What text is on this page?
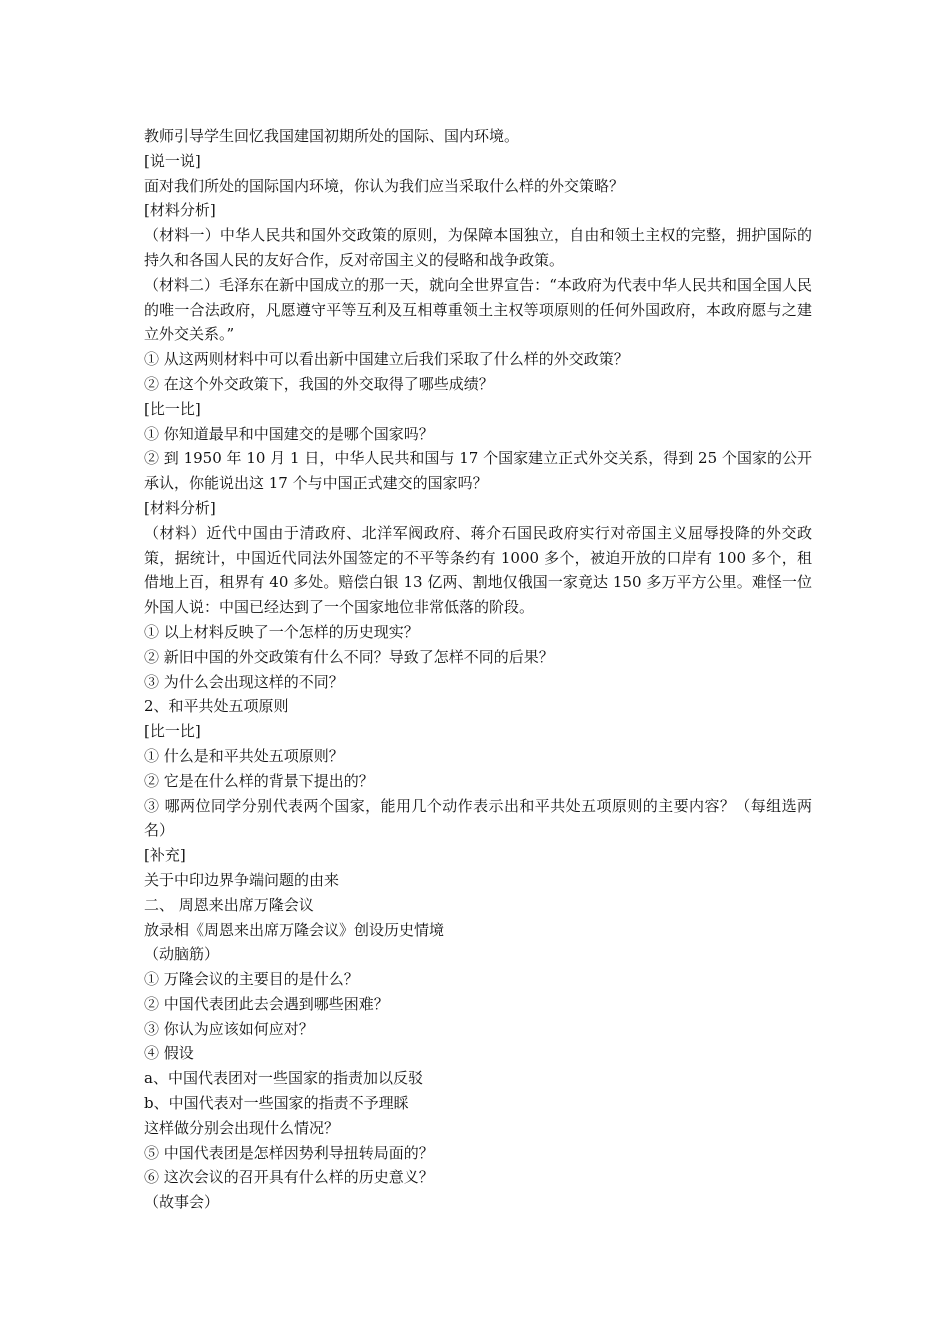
教师引导学生回忆我国建国初期所处的国际、国内环境。
[说一说]
面对我们所处的国际国内环境，你认为我们应当采取什么样的外交策略？
[材料分析]
（材料一）中华人民共和国外交政策的原则，为保障本国独立，自由和领土主权的完整，拥护国际的持久和各国人民的友好合作，反对帝国主义的侵略和战争政策。
（材料二）毛泽东在新中国成立的那一天，就向全世界宣告：“本政府为代表中华人民共和国全国人民的唯一合法政府，凡愿遵守平等互利及互相尊重领土主权等项原则的任何外国政府，本政府愿与之建立外交关系。”
① 从这两则材料中可以看出新中国建立后我们采取了什么样的外交政策？
② 在这个外交政策下，我国的外交取得了哪些成绩？
[比一比]
① 你知道最早和中国建交的是哪个国家吗？
② 到 1950 年 10 月 1 日，中华人民共和国与 17 个国家建立正式外交关系，得到 25 个国家的公开承认，你能说出这 17 个与中国正式建交的国家吗？
[材料分析]
（材料）近代中国由于清政府、北洋军阀政府、蒋介石国民政府实行对帝国主义屈辱投降的外交政策，据统计，中国近代同法外国签定的不平等条约有 1000 多个，被迫开放的口岸有 100 多个，租借地上百，租界有 40 多处。赔偿白银 13 亿两、割地仅俄国一家竟达 150 多万平方公里。难怪一位外国人说：中国已经达到了一个国家地位非常低落的阶段。
① 以上材料反映了一个怎样的历史现实？
② 新旧中国的外交政策有什么不同？导致了怎样不同的后果？
③ 为什么会出现这样的不同？
2、和平共处五项原则
[比一比]
① 什么是和平共处五项原则？
② 它是在什么样的背景下提出的？
③ 哪两位同学分别代表两个国家，能用几个动作表示出和平共处五项原则的主要内容？（每组选两名）
[补充]
关于中印边界争端问题的由来
二、 周恩来出席万隆会议
放录相《周恩来出席万隆会议》创设历史情境
（动脑筋）
① 万隆会议的主要目的是什么？
② 中国代表团此去会遇到哪些困难？
③ 你认为应该如何应对？
④ 假设
a、中国代表团对一些国家的指责加以反驳
b、中国代表对一些国家的指责不予理睬
这样做分别会出现什么情况？
⑤ 中国代表团是怎样因势利导扭转局面的？
⑥ 这次会议的召开具有什么样的历史意义？
（故事会）
